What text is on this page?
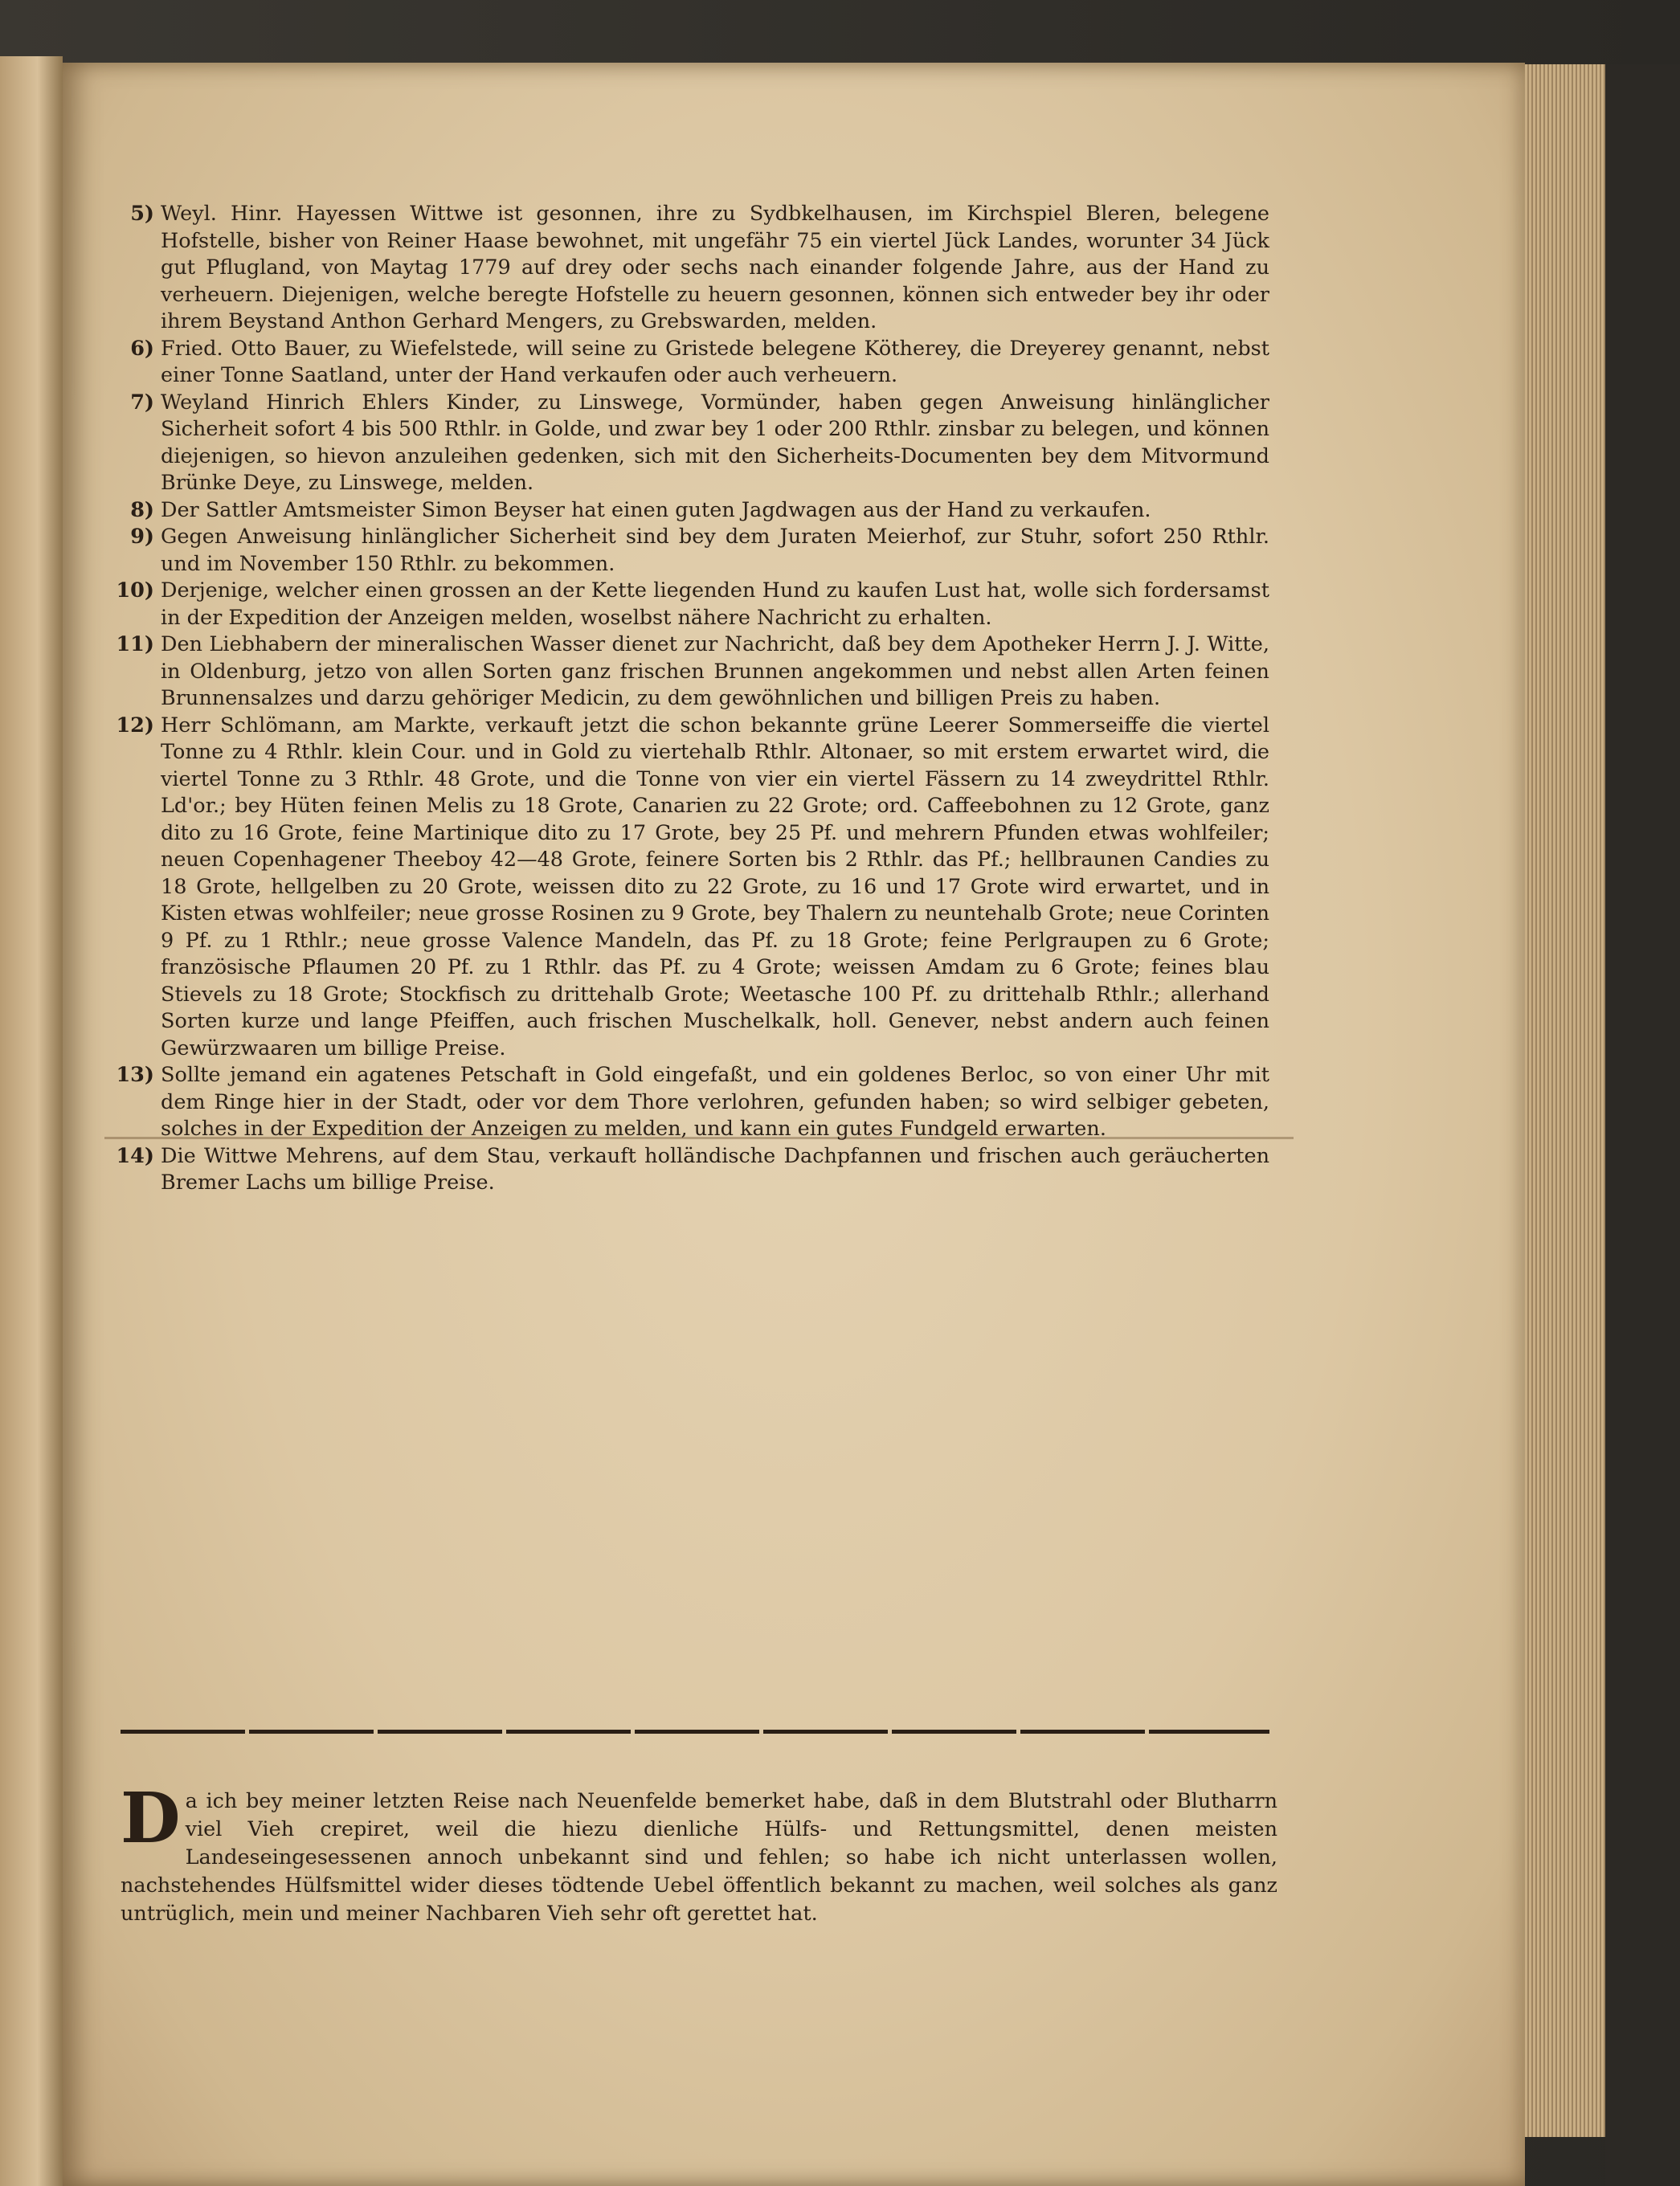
5) Weyl. Hinr. Hayessen Wittwe ist gesonnen, ihre zu Sydbkelhausen, im Kirchspiel Bleren, belegene Hofstelle, bisher von Reiner Haase bewohnet, mit ungefähr 75 ein viertel Jück Landes, worunter 34 Jück gut Pflugland, von Maytag 1779 auf drey oder sechs nach einander folgende Jahre, aus der Hand zu verheuern. Diejenigen, welche beregte Hofstelle zu heuern gesonnen, können sich entweder bey ihr oder ihrem Beystand Anthon Gerhard Mengers, zu Grebswarden, melden.
6) Fried. Otto Bauer, zu Wiefelstede, will seine zu Gristede belegene Kötherey, die Dreyerey genannt, nebst einer Tonne Saatland, unter der Hand verkaufen oder auch verheuern.
7) Weyland Hinrich Ehlers Kinder, zu Linswege, Vormünder, haben gegen Anweisung hinlänglicher Sicherheit sofort 4 bis 500 Rthlr. in Golde, und zwar bey 1 oder 200 Rthlr. zinsbar zu belegen, und können diejenigen, so hievon anzuleihen gedenken, sich mit den Sicherheits-Documenten bey dem Mitvormund Brünke Deye, zu Linswege, melden.
8) Der Sattler Amtsmeister Simon Beyser hat einen guten Jagdwagen aus der Hand zu verkaufen.
9) Gegen Anweisung hinlänglicher Sicherheit sind bey dem Juraten Meierhof, zur Stuhr, sofort 250 Rthlr. und im November 150 Rthlr. zu bekommen.
10) Derjenige, welcher einen grossen an der Kette liegenden Hund zu kaufen Lust hat, wolle sich fordersamst in der Expedition der Anzeigen melden, woselbst nähere Nachricht zu erhalten.
11) Den Liebhabern der mineralischen Wasser dienet zur Nachricht, daß bey dem Apotheker Herrn J. J. Witte, in Oldenburg, jetzo von allen Sorten ganz frischen Brunnen angekommen und nebst allen Arten feinen Brunnensalzes und darzu gehöriger Medicin, zu dem gewöhnlichen und billigen Preis zu haben.
12) Herr Schlömann, am Markte, verkauft jetzt die schon bekannte grüne Leerer Sommerseiffe die viertel Tonne zu 4 Rthlr. klein Cour. und in Gold zu viertehalb Rthlr. Altonaer, so mit erstem erwartet wird, die viertel Tonne zu 3 Rthlr. 48 Grote, und die Tonne von vier ein viertel Fässern zu 14 zweydrittel Rthlr. Ld'or.; bey Hüten feinen Melis zu 18 Grote, Canarien zu 22 Grote; ord. Caffeebohnen zu 12 Grote, ganz dito zu 16 Grote, feine Martinique dito zu 17 Grote, bey 25 Pf. und mehrern Pfunden etwas wohlfeiler; neuen Copenhagener Theeboy 42—48 Grote, feinere Sorten bis 2 Rthlr. das Pf.; hellbraunen Candies zu 18 Grote, hellgelben zu 20 Grote, weissen dito zu 22 Grote, zu 16 und 17 Grote wird erwartet, und in Kisten etwas wohlfeiler; neue grosse Rosinen zu 9 Grote, bey Thalern zu neuntehalb Grote; neue Corinten 9 Pf. zu 1 Rthlr.; neue grosse Valence Mandeln, das Pf. zu 18 Grote; feine Perlgraupen zu 6 Grote; französische Pflaumen 20 Pf. zu 1 Rthlr. das Pf. zu 4 Grote; weissen Amdam zu 6 Grote; feines blau Stievels zu 18 Grote; Stockfisch zu drittehalb Grote; Weetasche 100 Pf. zu drittehalb Rthlr.; allerhand Sorten kurze und lange Pfeiffen, auch frischen Muschelkalk, holl. Genever, nebst andern auch feinen Gewürzwaaren um billige Preise.
13) Sollte jemand ein agatenes Petschaft in Gold eingefaßt, und ein goldenes Berloc, so von einer Uhr mit dem Ringe hier in der Stadt, oder vor dem Thore verlohren, gefunden haben; so wird selbiger gebeten, solches in der Expedition der Anzeigen zu melden, und kann ein gutes Fundgeld erwarten.
14) Die Wittwe Mehrens, auf dem Stau, verkauft holländische Dachpfannen und frischen auch geräucherten Bremer Lachs um billige Preise.
Da ich bey meiner letzten Reise nach Neuenfelde bemerket habe, daß in dem Blutstrahl oder Blutharrn viel Vieh crepiret, weil die hiezu dienliche Hülfs- und Rettungsmittel, denen meisten Landeseingesessenen annoch unbekannt sind und fehlen; so habe ich nicht unterlassen wollen, nachstehendes Hülfsmittel wider dieses tödtende Uebel öffentlich bekannt zu machen, weil solches als ganz untrüglich, mein und meiner Nachbaren Vieh sehr oft gerettet hat.
